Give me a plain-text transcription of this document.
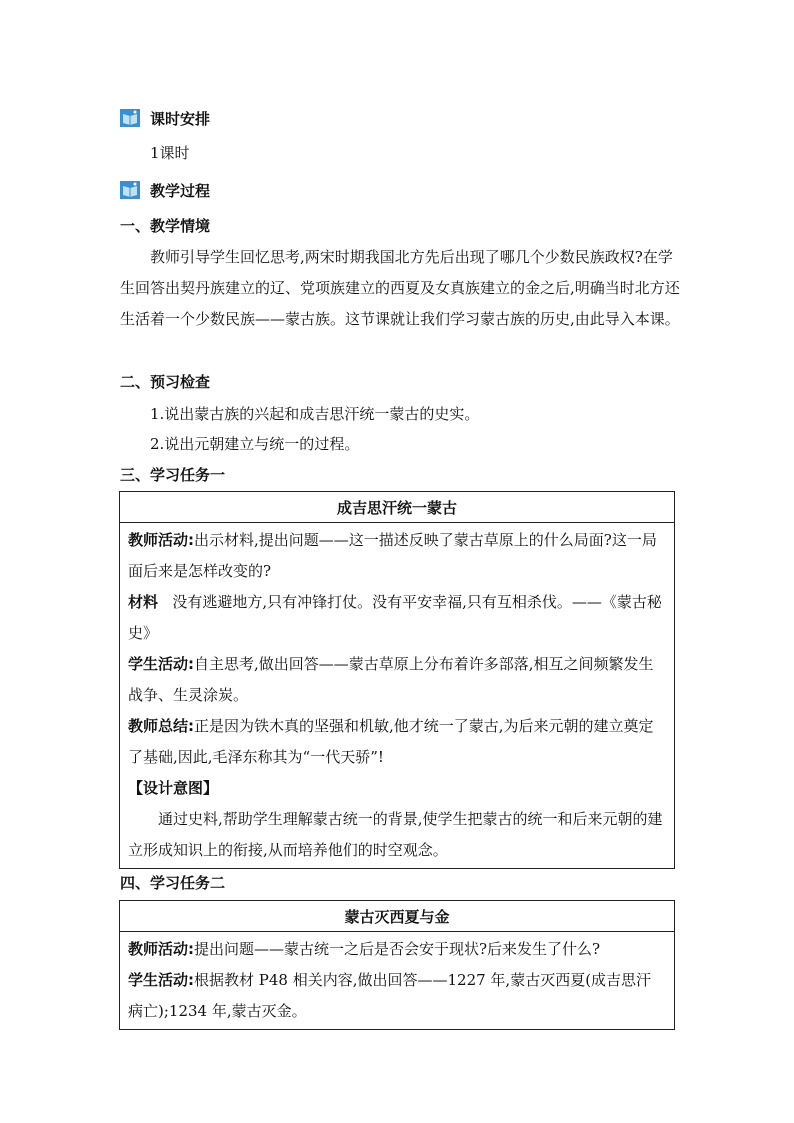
课时安排
1课时
教学过程
一、教学情境

教师引导学生回忆思考,两宋时期我国北方先后出现了哪几个少数民族政权?在学生回答出契丹族建立的辽、党项族建立的西夏及女真族建立的金之后,明确当时北方还生活着一个少数民族——蒙古族。这节课就让我们学习蒙古族的历史,由此导入本课。

二、预习检查
1.说出蒙古族的兴起和成吉思汗统一蒙古的史实。
2.说出元朝建立与统一的过程。
三、学习任务一
成吉思汗统一蒙古

教师活动:出示材料,提出问题——这一描述反映了蒙古草原上的什么局面?这一局面后来是怎样改变的?

材料 没有逃避地方,只有冲锋打仗。没有平安幸福,只有互相杀伐。——《蒙古秘史》

学生活动:自主思考,做出回答——蒙古草原上分布着许多部落,相互之间频繁发生战争、生灵涂炭。

教师总结:正是因为铁木真的坚强和机敏,他才统一了蒙古,为后来元朝的建立奠定了基础,因此,毛泽东称其为“一代天骄”!

【设计意图】

通过史料,帮助学生理解蒙古统一的背景,使学生把蒙古的统一和后来元朝的建立形成知识上的衔接,从而培养他们的时空观念。

四、学习任务二
蒙古灭西夏与金

教师活动:提出问题——蒙古统一之后是否会安于现状?后来发生了什么?

学生活动:根据教材 P48 相关内容,做出回答——1227 年,蒙古灭西夏(成吉思汗病亡);1234 年,蒙古灭金。
